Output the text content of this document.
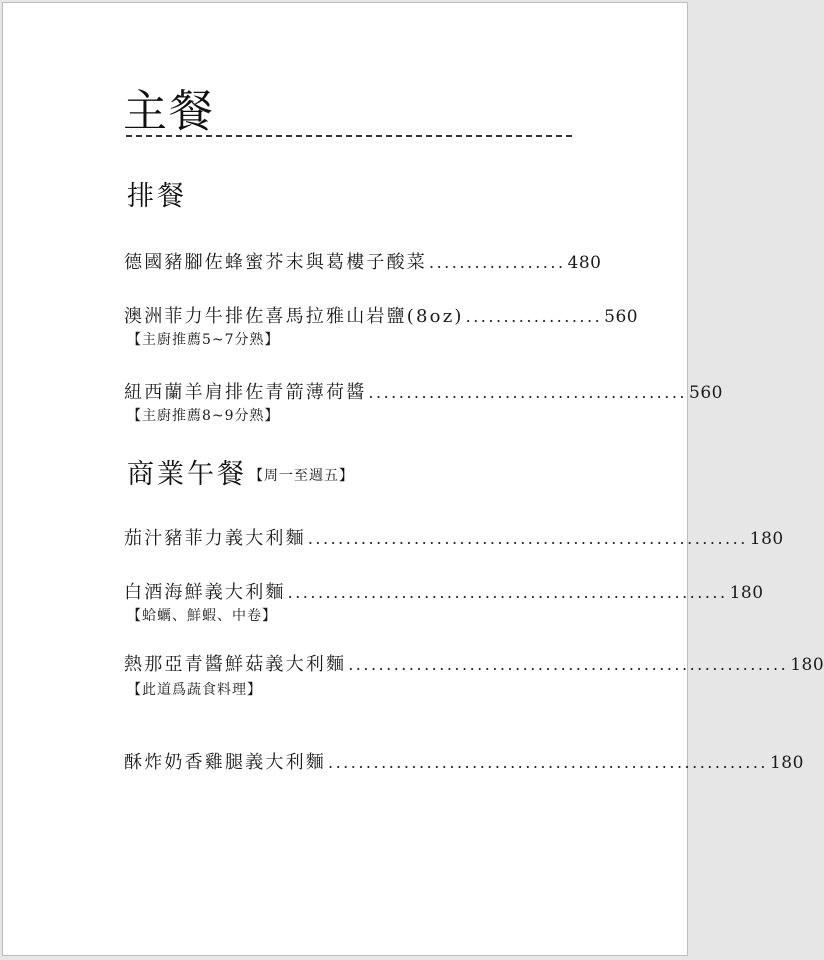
主餐
排餐
德國豬腳佐蜂蜜芥末與葛樓子酸菜 .................. 480
澳洲菲力牛排佐喜馬拉雅山岩鹽(8oz) .................. 560
【主廚推薦5~7分熟】
紐西蘭羊肩排佐青箭薄荷醬 .......................................... 560
【主廚推薦8~9分熟】
商業午餐 【周一至週五】
茄汁豬菲力義大利麵 .......................................................... 180
白酒海鮮義大利麵 .......................................................... 180
【蛤蠣、鮮蝦、中卷】
熱那亞青醬鮮菇義大利麵 .......................................................... 180
【此道爲蔬食料理】
酥炸奶香雞腿義大利麵 .......................................................... 180
